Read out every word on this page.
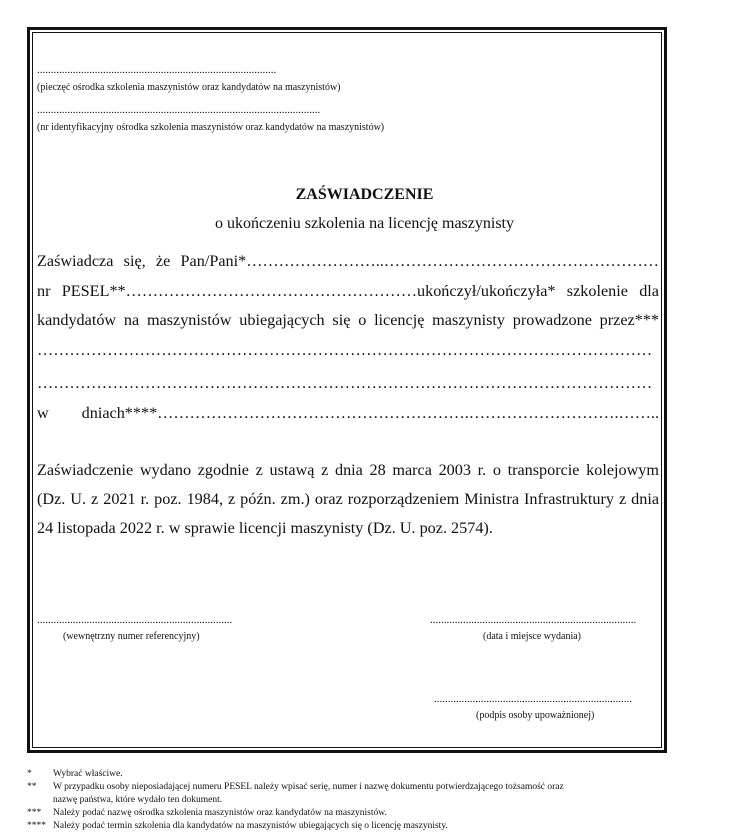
.......................................................................................
(pieczęć ośrodka szkolenia maszynistów oraz kandydatów na maszynistów)
.......................................................................................................
(nr identyfikacyjny ośrodka szkolenia maszynistów oraz kandydatów na maszynistów)
ZAŚWIADCZENIE
o ukończeniu szkolenia na licencję maszynisty
Zaświadcza się, że Pan/Pani*……………………..……………………………………………
nr PESEL**………………………………………………ukończył/ukończyła* szkolenie dla
kandydatów na maszynistów ubiegających się o licencję maszynisty prowadzone przez***
……………………………………………………………………………………………………
……………………………………………………………………………………………………
w dniach****………………………………………………….……………………….……..
Zaświadczenie wydano zgodnie z ustawą z dnia 28 marca 2003 r. o transporcie kolejowym
(Dz. U. z 2021 r. poz. 1984, z późn. zm.) oraz rozporządzeniem Ministra Infrastruktury z dnia
24 listopada 2022 r. w sprawie licencji maszynisty (Dz. U. poz. 2574).
.......................................................................
(wewnętrzny numer referencyjny)
...........................................................................
(data i miejsce wydania)
........................................................................
(podpis osoby upoważnionej)
* Wybrać właściwe.
** W przypadku osoby nieposiadającej numeru PESEL należy wpisać serię, numer i nazwę dokumentu potwierdzającego tożsamość oraz
nazwę państwa, które wydało ten dokument.
*** Należy podać nazwę ośrodka szkolenia maszynistów oraz kandydatów na maszynistów.
**** Należy podać termin szkolenia dla kandydatów na maszynistów ubiegających się o licencję maszynisty.
